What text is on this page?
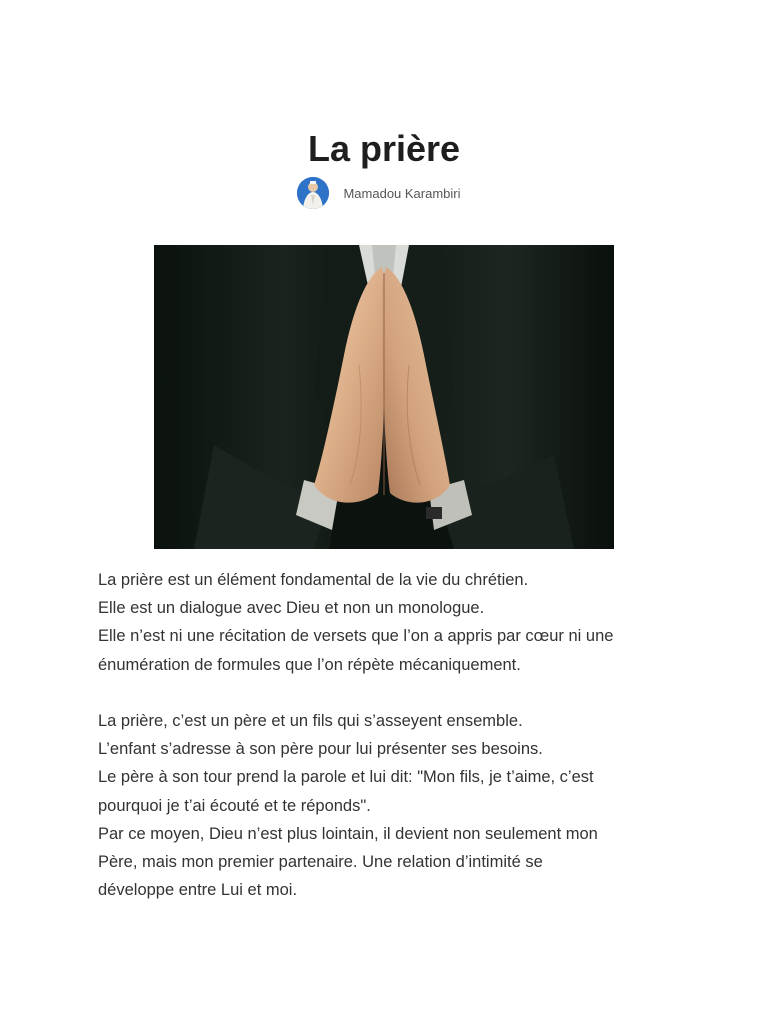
La prière
Mamadou Karambiri

La prière est un élément fondamental de la vie du chrétien.

Elle est un dialogue avec Dieu et non un monologue.

Elle n’est ni une récitation de versets que l’on a appris par cœur ni une

énumération de formules que l’on répète mécaniquement.

La prière, c’est un père et un fils qui s’asseyent ensemble.

L’enfant s’adresse à son père pour lui présenter ses besoins.

Le père à son tour prend la parole et lui dit: "Mon fils, je t’aime, c’est

pourquoi je t’ai écouté et te réponds".

Par ce moyen, Dieu n’est plus lointain, il devient non seulement mon

Père, mais mon premier partenaire. Une relation d’intimité se

développe entre Lui et moi.
